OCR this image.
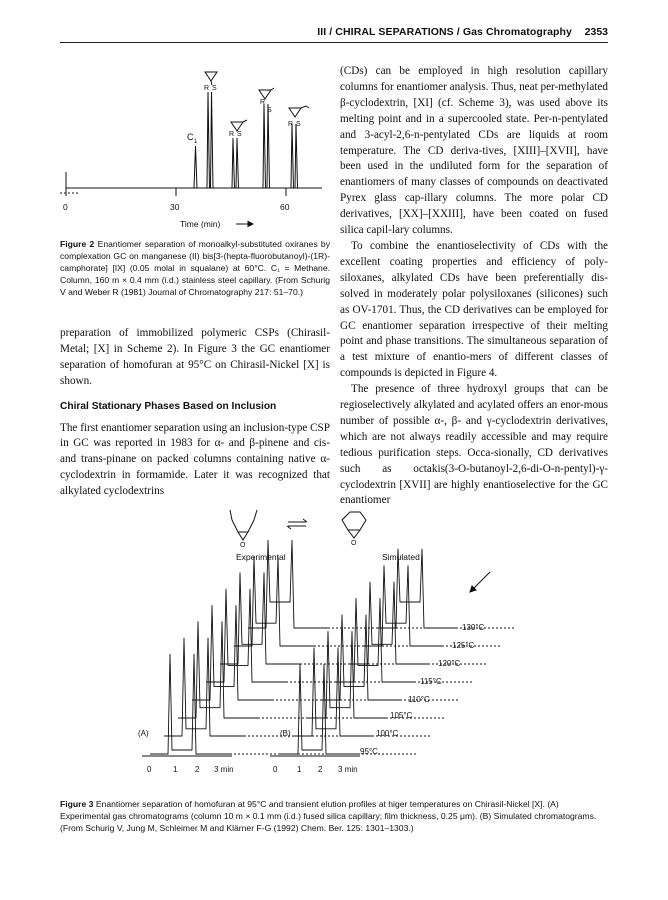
III / CHIRAL SEPARATIONS / Gas Chromatography 2353
R S
R
S
R S
R S
C 1
0	30	60
Time (min)
Figure 2 Enantiomer separation of monoalkyl-substituted oxiranes by complexation GC on manganese (II) bis[3-(hepta-fluorobutanoyl)-(1R)-camphorate] [IX] (0.05 molal in squalane) at 60°C. C₁ = Methane. Column, 160 m × 0.4 mm (i.d.) stainless steel capillary. (From Schurig V and Weber R (1981) Journal of Chromatography 217: 51–70.)

preparation of immobilized polymeric CSPs (Chirasil-Metal; [X] in Scheme 2). In Figure 3 the GC enantiomer separation of homofuran at 95°C on Chirasil-Nickel [X] is shown.

Chiral Stationary Phases Based on Inclusion

The first enantiomer separation using an inclusion-type CSP in GC was reported in 1983 for α- and β-pinene and cis- and trans-pinane on packed columns containing native α-cyclodextrin in formamide. Later it was recognized that alkylated cyclodextrins

(CDs) can be employed in high resolution capillary columns for enantiomer analysis. Thus, neat per-methylated β-cyclodextrin, [XI] (cf. Scheme 3), was used above its melting point and in a supercooled state. Per-n-pentylated and 3-acyl-2,6-n-pentylated CDs are liquids at room temperature. The CD deriva-tives, [XIII]–[XVII], have been used in the undiluted form for the separation of enantiomers of many classes of compounds on deactivated Pyrex glass cap-illary columns. The more polar CD derivatives, [XX]–[XXIII], have been coated on fused silica capil-lary columns.

To combine the enantioselectivity of CDs with the excellent coating properties and efficiency of poly-siloxanes, alkylated CDs have been preferentially dis-solved in moderately polar polysiloxanes (silicones) such as OV-1701. Thus, the CD derivatives can be employed for GC enantiomer separation irrespective of their melting point and phase transitions. The simultaneous separation of a test mixture of enantio-mers of different classes of compounds is depicted in Figure 4.

The presence of three hydroxyl groups that can be regioselectively alkylated and acylated offers an enor-mous number of possible α-, β- and γ-cyclodextrin derivatives, which are not always readily accessible and may require tedious purification steps. Occa-sionally, CD derivatives such as octakis(3-O-butanoyl-2,6-di-O-n-pentyl)-γ-cyclodextrin [XVII] are highly enantioselective for the GC enantiomer

O	O
Experimental	Simulated
(A)	(B)
130°C
125°C
120°C
115°C
110°C
105°C
100°C
95°C
0	1 2 3 min	0 1 2 3 min
Figure 3 Enantiomer separation of homofuran at 95°C and transient elution profiles at higer temperatures on Chirasil-Nickel [X]. (A) Experimental gas chromatograms (column 10 m × 0.1 mm (i.d.) fused silica capillary; film thickness, 0.25 μm). (B) Simulated chromatograms. (From Schurig V, Jung M, Schleimer M and Klärner F-G (1992) Chem. Ber. 125: 1301–1303.)
